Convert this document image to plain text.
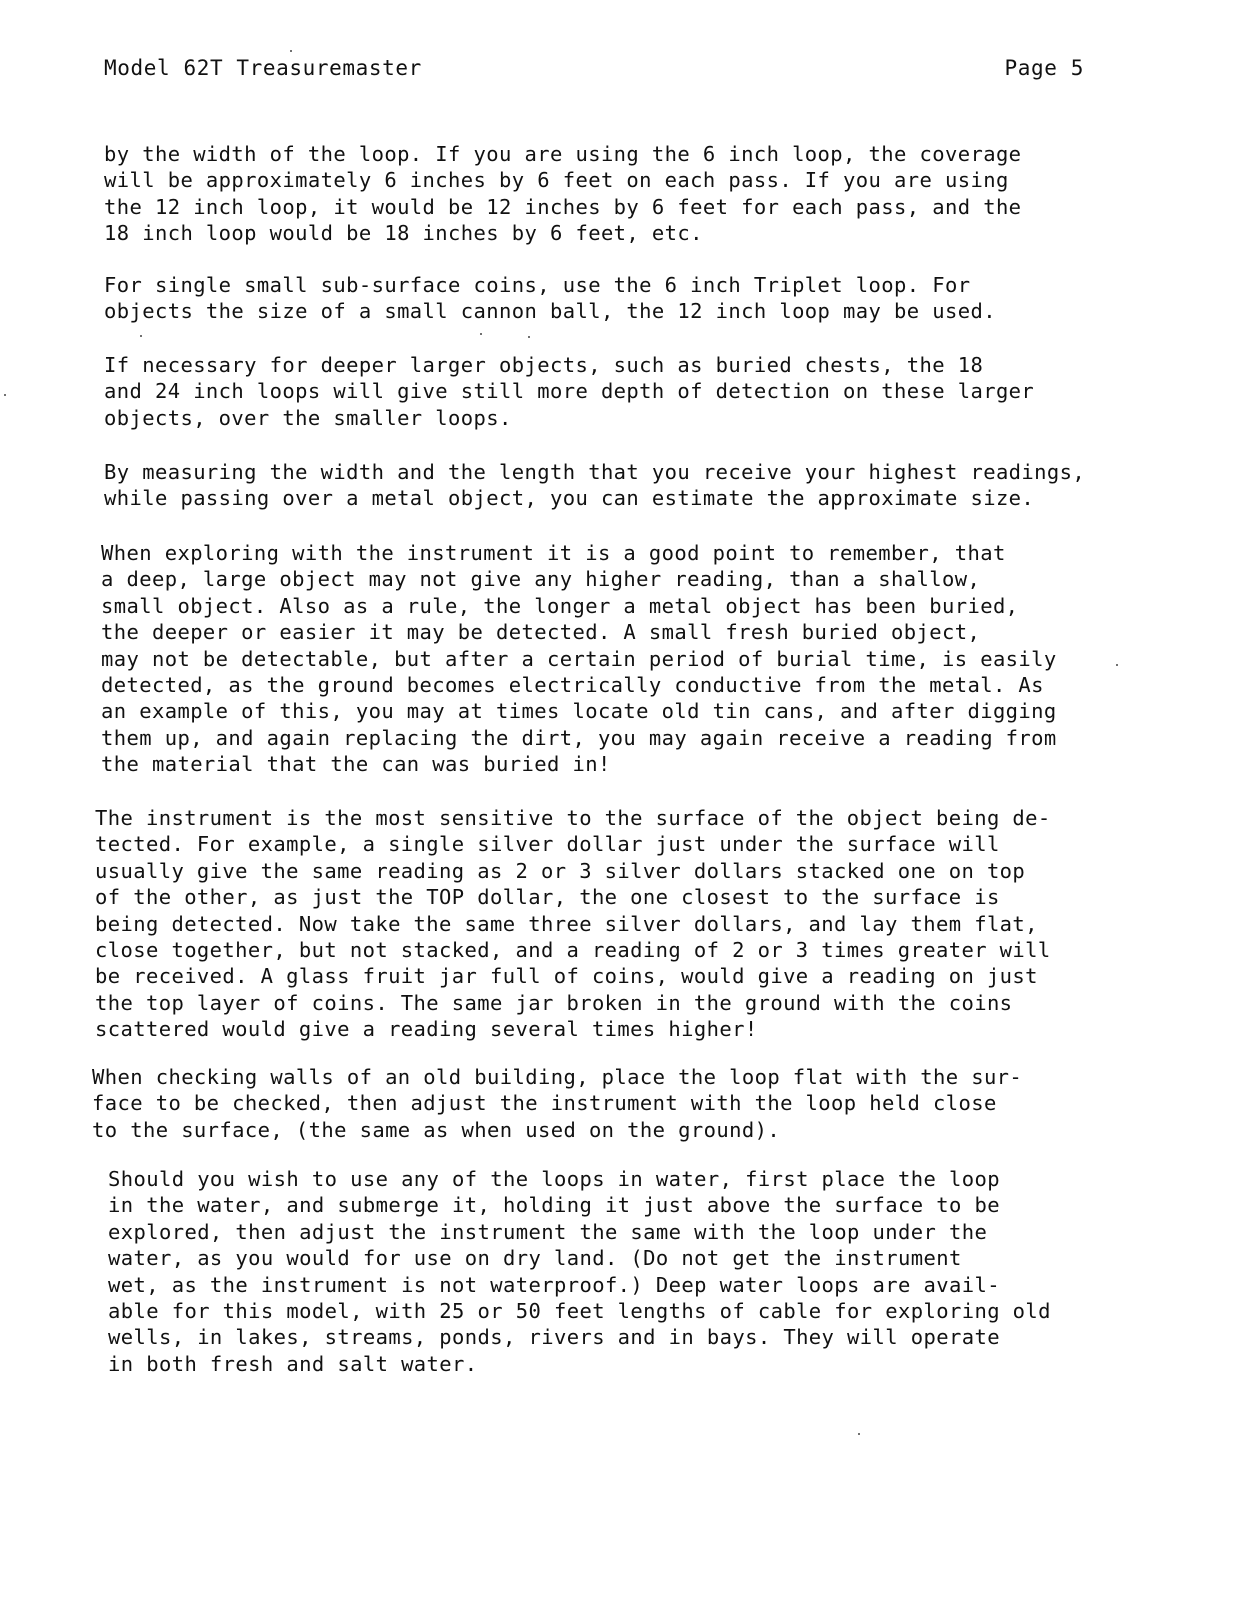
Model 62T Treasuremaster	Page 5

by the width of the loop. If you are using the 6 inch loop, the coverage
will be approximately 6 inches by 6 feet on each pass. If you are using
the 12 inch loop, it would be 12 inches by 6 feet for each pass, and the
18 inch loop would be 18 inches by 6 feet, etc.

For single small sub-surface coins, use the 6 inch Triplet loop. For
objects the size of a small cannon ball, the 12 inch loop may be used.

If necessary for deeper larger objects, such as buried chests, the 18
and 24 inch loops will give still more depth of detection on these larger
objects, over the smaller loops.

By measuring the width and the length that you receive your highest readings,
while passing over a metal object, you can estimate the approximate size.

When exploring with the instrument it is a good point to remember, that
a deep, large object may not give any higher reading, than a shallow,
small object. Also as a rule, the longer a metal object has been buried,
the deeper or easier it may be detected. A small fresh buried object,
may not be detectable, but after a certain period of burial time, is easily
detected, as the ground becomes electrically conductive from the metal. As
an example of this, you may at times locate old tin cans, and after digging
them up, and again replacing the dirt, you may again receive a reading from
the material that the can was buried in!

The instrument is the most sensitive to the surface of the object being de-
tected. For example, a single silver dollar just under the surface will
usually give the same reading as 2 or 3 silver dollars stacked one on top
of the other, as just the TOP dollar, the one closest to the surface is
being detected. Now take the same three silver dollars, and lay them flat,
close together, but not stacked, and a reading of 2 or 3 times greater will
be received. A glass fruit jar full of coins, would give a reading on just
the top layer of coins. The same jar broken in the ground with the coins
scattered would give a reading several times higher!

When checking walls of an old building, place the loop flat with the sur-
face to be checked, then adjust the instrument with the loop held close
to the surface, (the same as when used on the ground).

Should you wish to use any of the loops in water, first place the loop
in the water, and submerge it, holding it just above the surface to be
explored, then adjust the instrument the same with the loop under the
water, as you would for use on dry land. (Do not get the instrument
wet, as the instrument is not waterproof.) Deep water loops are avail-
able for this model, with 25 or 50 feet lengths of cable for exploring old
wells, in lakes, streams, ponds, rivers and in bays. They will operate
in both fresh and salt water.
